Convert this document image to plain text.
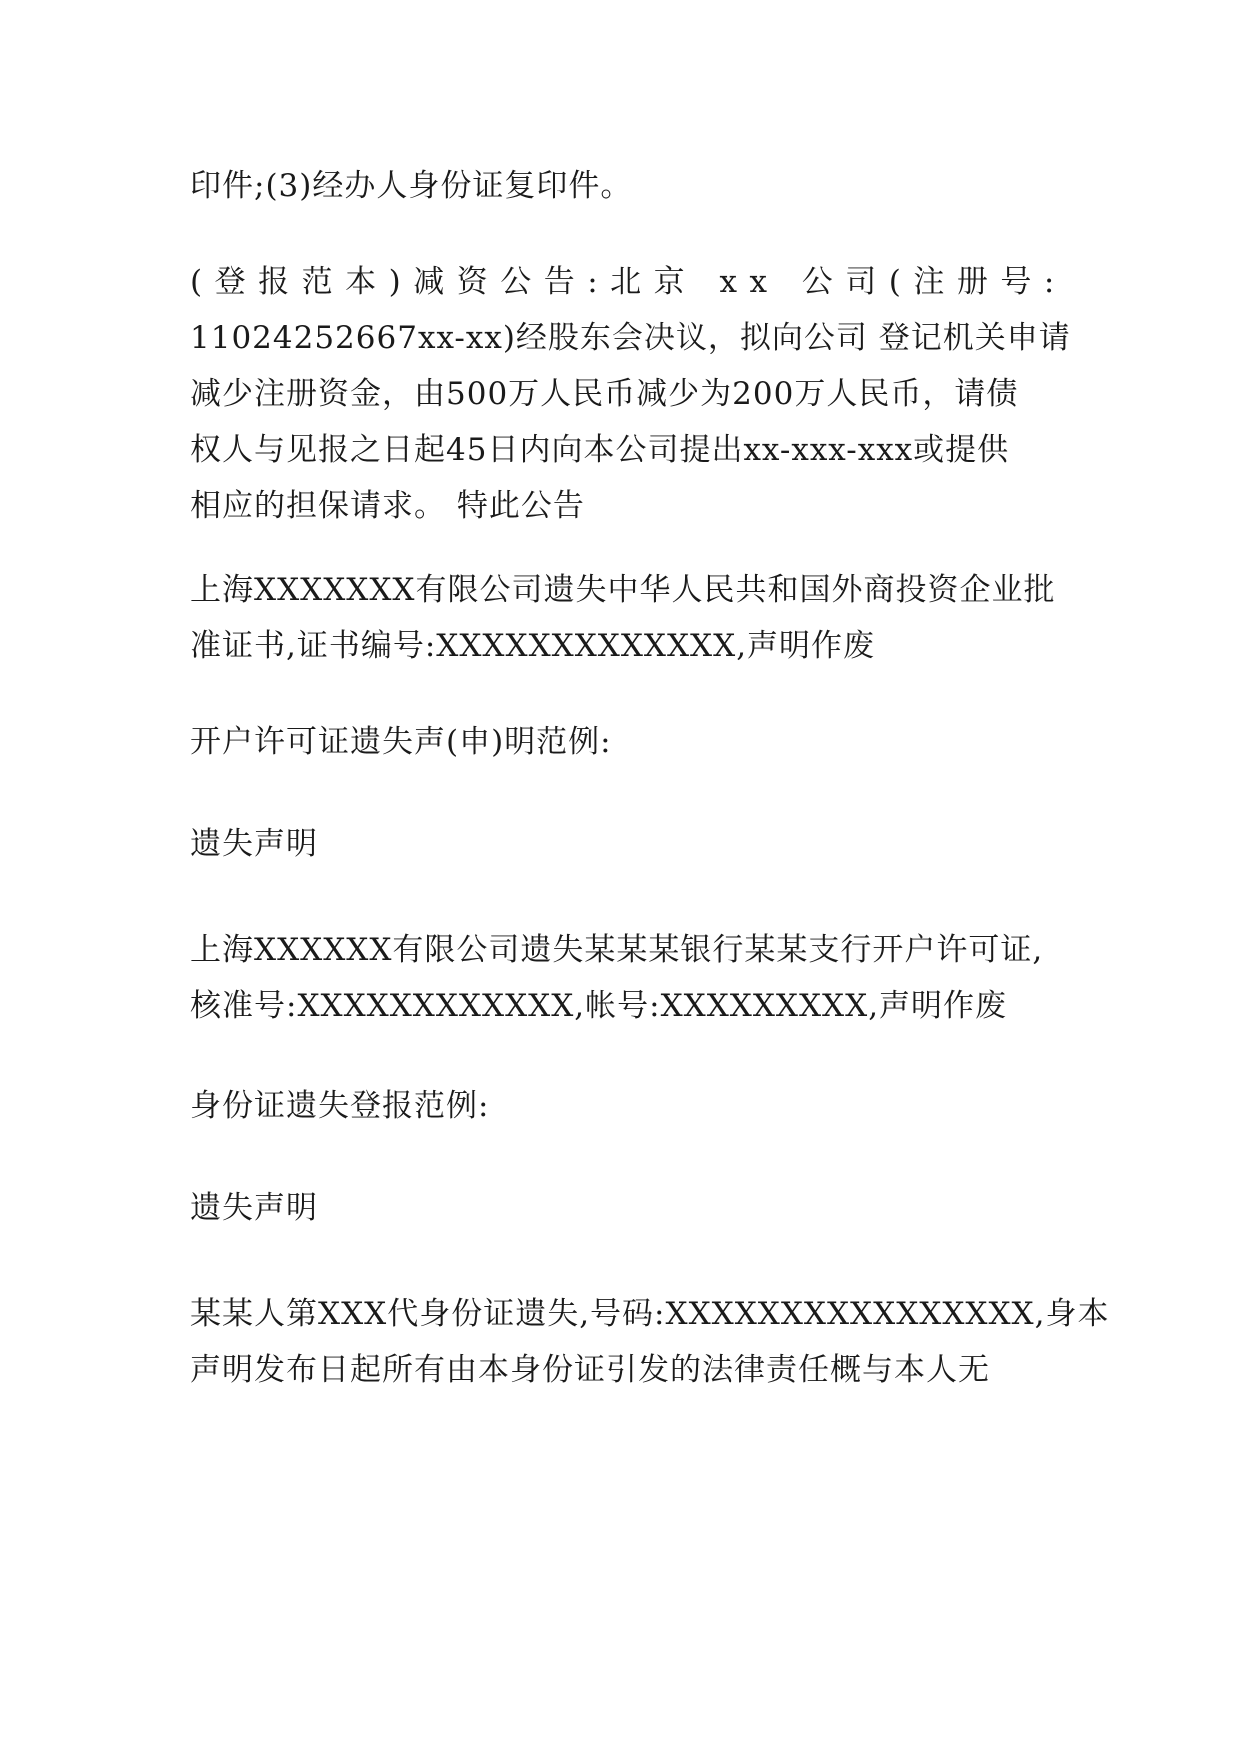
印件;(3)经办人身份证复印件。
(登报范本)减资公告:北京 xx 公司(注册号:
11024252667xx-xx)经股东会决议，拟向公司 登记机关申请
减少注册资金，由500万人民币减少为200万人民币，请债
权人与见报之日起45日内向本公司提出xx-xxx-xxx或提供
相应的担保请求。 特此公告
上海XXXXXXX有限公司遗失中华人民共和国外商投资企业批
准证书,证书编号:XXXXXXXXXXXXX,声明作废
开户许可证遗失声(申)明范例:
遗失声明
上海XXXXXX有限公司遗失某某某银行某某支行开户许可证,
核准号:XXXXXXXXXXXX,帐号:XXXXXXXXX,声明作废
身份证遗失登报范例:
遗失声明
某某人第XXX代身份证遗失,号码:XXXXXXXXXXXXXXXX,身本
声明发布日起所有由本身份证引发的法律责任概与本人无
